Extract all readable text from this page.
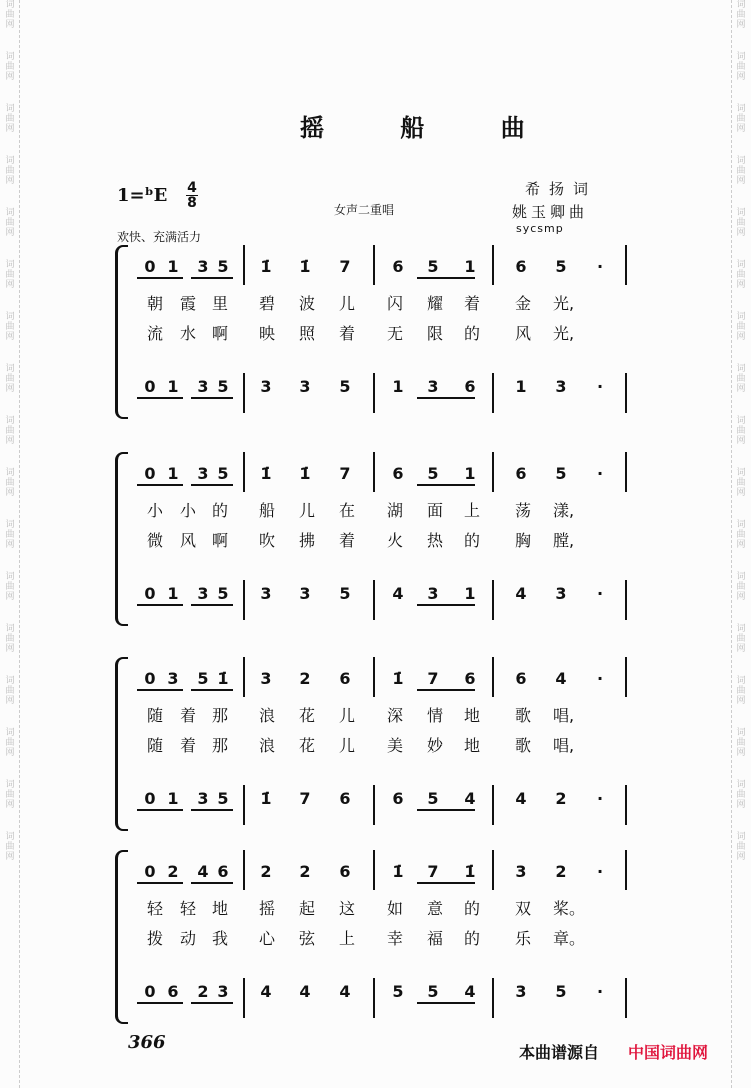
词
曲
网
词
曲
网
词
曲
网
词
曲
网
词
曲
网
词
曲
网
词
曲
网
词
曲
网
词
曲
网
词
曲
网
词
曲
网
词
曲
网
词
曲
网
词
曲
网
词
曲
网
词
曲
网
词
曲
网
词
曲
网
词
曲
网
词
曲
网
词
曲
网
词
曲
网
词
曲
网
词
曲
网
词
曲
网
词
曲
网
词
曲
网
词
曲
网
词
曲
网
词
曲
网
词
曲
网
词
曲
网
词
曲
网
词
曲
网
摇 船 曲
1=ᵇE 4
8	女声二重唱
希扬词
姚玉卿曲
sycsmp
欢快、充满活力
0 1 3 5 1̇ 1̇ 7	6 5 1 6 5	·
0 1 3 5 3 3 5	1 3 6 1 3	·
朝 霞 里 碧 波 儿 闪 耀 着 金 光,
流 水 啊 映 照 着 无 限 的 风 光,
0 1 3 5 1̇ 1̇ 7	6 5 1 6 5	·
0 1 3 5 3 3 5	4 3 1 4 3	·
小 小 的 船 儿 在 湖 面 上 荡 漾,
微 风 啊 吹 拂 着 火 热 的 胸 膛,
0 3 5 1̇ 3 2 6	1̇ 7 6 6 4	·
0 1 3 5 1̇ 7 6	6 5 4 4 2	·
随 着 那 浪 花 儿 深 情 地 歌 唱,
随 着 那 浪 花 儿 美 妙 地 歌 唱,
0 2 4 6 2 2 6	1̇ 7 1̇ 3 2	·
0 6 2 3 4 4 4	5 5 4 3 5	·
轻 轻 地 摇 起 这 如 意 的 双 桨。
拨 动 我 心 弦 上 幸 福 的 乐 章。
366	本曲谱源自 中国词曲网
